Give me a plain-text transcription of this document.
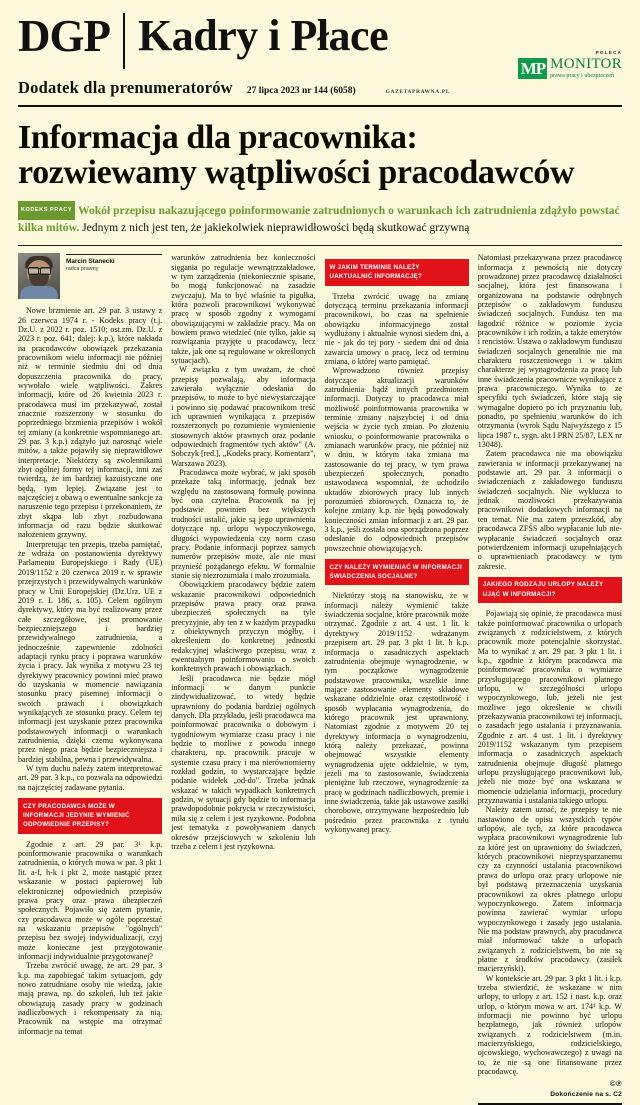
DGP Kadry i Płace
Dodatek dla prenumeratorów 27 lipca 2023 nr 144 (6058)	GAZETAPRAWNA.PL
POLECA
MP MONITOR
prawa pracy i ubezpieczeń
Informacja dla pracownika:
rozwiewamy wątpliwości pracodawców
KODEKS PRACY Wokół przepisu nakazującego poinformowanie zatrudnionych o warunkach ich zatrudnienia zdążyło powstać kilka mitów. Jednym z nich jest ten, że jakiekolwiek nieprawidłowości będą skutkować grzywną
Marcin Stanecki
radca prawny

Nowe brzmienie art. 29 par. 3 ustawy z 26 czerwca 1974 r. - Kodeks pracy (t.j. Dz.U. z 2022 r. poz. 1510; ost.zm. Dz.U. z 2023 r. poz. 641; dalej: k.p.), które nakłada na pracodawców obowiązek przekazania pracownikom wielu informacji nie później niż w terminie siedmiu dni od dnia dopuszczenia pracownika do pracy, wywołało wiele wątpliwości. Zakres informacji, które od 26 kwietnia 2023 r. pracodawca musi im przekazywać, został znacznie rozszerzony w stosunku do poprzedniego brzmienia przepisów i wokół tej zmiany (a konkretnie wspomnianego art. 29 par. 3 k.p.) zdążyło już narosnąć wiele mitów, a także pojawiły się nieprawidłowe interpretacje. Niektórzy są zwolennikami zbyt ogólnej formy tej informacji, inni zaś twierdzą, że im bardziej kazuistyczne one będą, tym lepiej. Związane jest to najczęściej z obawą o ewentualne sankcje za naruszenie tego przepisu i przekonaniem, że zbyt skąpa lub zbyt rozbudowana informacja od razu będzie skutkować nałożeniem grzywny.

Interpretując ten przepis, trzeba pamiętać, że wdraża on postanowienia dyrektywy Parlamentu Europejskiego i Rady (UE) 2019/1152 z 20 czerwca 2019 r. w sprawie przejrzystych i przewidywalnych warunków pracy w Unii Europejskiej (Dz.Urz. UE z 2019 r. L 186, s. 105). Celem ogólnym dyrektywy, który ma być realizowany przez całe szczegółowe, jest promowanie bezpieczniejszego i bardziej przewidywalnego zatrudnienia, a jednocześnie zapewnienie zdolności adaptacji rynku pracy i poprawa warunków życia i pracy. Jak wynika z motywu 23 tej dyrektywy pracownicy powinni mieć prawo do uzyskania w momencie nawiązania stosunku pracy pisemnej informacji o swoich prawach i obowiązkach wynikających ze stosunku pracy. Celem tej informacji jest uzyskanie przez pracownika podstawowych informacji o warunkach zatrudnienia, dzięki czemu wykonywana przez niego praca będzie bezpieczniejsza i bardziej stabilna, pewna i przewidywalna.

W tym duchu należy zatem interpretować art. 29 par. 3 k.p., co pozwala na odpowiedzi na najczęściej zadawane pytania.

CZY PRACODAWCA MOŻE W INFORMACJI JEDYNIE WYMIENIĆ ODPOWIEDNIE PRZEPISY?

Zgodnie z art. 29 par. 3¹ k.p. poinformowanie pracownika o warunkach zatrudnienia, o których mowa w par. 3 pkt 1 lit. a-f, h-k i pkt 2, może nastąpić przez wskazanie w postaci papierowej lub elektronicznej odpowiednich przepisów prawa pracy oraz prawa ubezpieczeń społecznych. Pojawiło się zatem pytanie, czy pracodawca może w ogóle poprzestać na wskazaniu przepisów "ogólnych" przepisu bez swojej indywidualizacji, czyj może konieczne jest przygotowanie informacji indywidualnie przygotowanej?

Trzeba zwrócić uwagę, że art. 29 par. 3 k.p. ma zapobiegać takim sytuacjom, gdy nowo zatrudniane osoby nie wiedzą, jakie mają prawa, np. do szkoleń, lub też jakie obowiązują zasady pracy w godzinach nadliczbowych i rekompensaty za nią. Pracownik na wstępie ma otrzymać informacje na temat

warunków zatrudnienia bez konieczności sięgania po regulacje wewnątrzzakładowe, w tym zarządzenia (niekoniecznie spisane, bo mogą funkcjonować na zasadzie zwyczaju). Ma to być właśnie ta pigułka, która pozwoli pracownikowi wykonywać pracę w sposób zgodny z wymogami obowiązującymi w zakładzie pracy. Ma on bowiem prawo wiedzieć (nie tylko, jakie są rozwiązania przyjęte u pracodawcy, lecz także, jak one są regulowane w określonych sytuacjach).

W związku z tym uważam, że choć przepisy pozwalają, aby informacja zawierała wyłącznie odesłania do przepisów, to może to być niewystarczające i powinno się podawać pracownikom treść ich uprawnień wynikająca z przepisów rozszerzonych po rozumienie wymienienie stosownych aktów prawnych oraz podanie odpowiednich fragmentów tych aktów" (A. Sobczyk [red.], „Kodeks pracy. Komentarz", Warszawa 2023).

Pracodawca może wybrać, w jaki sposób przekaże taką informację, jednak bez względu na zastosowaną formułę powinna być ona czytelna. Pracownik na jej podstawie powinien bez większych trudności ustalić, jakie są jego uprawnienia dotyczące np. urlopu wypoczynkowego, długości wypowiedzenia czy norm czasu pracy. Podanie informacji poprzez samych numerów przepisów może, ale nie musi przynieść pożądanego efektu. W formalnie stanie się niezrozumiała i mało zrozumiała.

Obowiązkiem pracodawcy będzie zatem wskazanie pracownikowi odpowiednich przepisów prawa pracy oraz prawa ubezpieczeń społecznych na tyle precyzyjnie, aby ten z w każdym przypadku z obiektywnych przyczyn mógłby, i określeniem do konkretnej jednostki redakcyjnej właściwego przepisu, wraz z ewentualnym poinformowaniu o swoich konkretnych prawach i obowiązkach.

Jeśli pracodawca nie będzie mógł informacji w danym punkcie zindywidualizować, to wtedy będzie uprawniony do podania bardziej ogólnych danych. Dla przykładu, jeśli pracodawca ma poinformować pracownika o dobowym i tygodniowym wymiarze czasu pracy i nie będzie to możliwe z powodu innego charakteru, np. pracownik pracuje w systemie czasu pracy i ma nierównomierny rozkład godzin, to wystarczające będzie podanie widełek „od-do". Trzeba jednak wskazać w takich wypadkach konkretnych godzin, w sytuacji gdy będzie to informacja prawdopodobnie pokrycia w rzeczywistości, miła się z celem i jest ryzykowne. Podobna jest tematyka z powoływaniem danych okresów przejściowych w szkoleniu lub trzeba z celem i jest ryzykowna.

W JAKIM TERMINIE NALEŻY UAKTUALNIĆ INFORMACJĘ?

Trzeba zwrócić uwagę na zmianę dotyczącą terminu przekazania informacji pracownikowi, bo czas na spełnienie obowiązku informacyjnego został wydłużony i aktualnie wynosi siedem dni, a nie - jak do tej pory - siedem dni od dnia zawarcia umowy o pracę, lecz od terminu zmiana, o której warto pamiętać.

Wprowadzono również przepisy dotyczące aktualizacji warunków zatrudnienia bądź innych przedmiotem informacji. Dotyczy to pracodawca miał możliwość poinformowania pracownika w terminie zmiany najszybciej i od dnia wejścia w życie tych zmian. Po złożeniu wniosku, o poinformowanie pracownika o zmianach warunków pracy, nie później niż w dniu, w którym taka zmiana ma zastosowanie do tej pracy, w tym prawa ubezpieczeń społecznych, ponadto ustawodawca wspomniał, że uchodziło uktadów zbiorowych pracy lub innych porozumień zbiorowych. Oznacza to, że kolejne zmiany k.p. nie będą powodowały konieczności zmian informacji z art. 29 par. 3 k.p., jeśli została ona sporządzona poprzez odesłanie do odpowiednich przepisów powszechnie obowiązujących.

CZY NALEŻY WYMIENIAĆ W INFORMACJI ŚWIADCZENIA SOCJALNE?

Niektórzy stoją na stanowisku, że w informacji należy wymienić także świadczenia socjalne, które pracownik może otrzymać. Zgodnie z art. 4 ust. 1 lit. k dyrektywy 2019/1152 wdrażanym przepisem art. 29 par. 3 pkt 1 lit. h k.p. informacja o zasadniczych aspektach zatrudnienia obejmuje wynagrodzenie, w tym początkowe wynagrodzenie podstawowe pracownika, wszelkie inne mające zastosowanie elementy składowe wskazane oddzielnie oraz częstotliwość i sposób wypłacania wynagrodzenia, do którego pracownik jest uprawniony. Natomiast zgodnie z motywem 20 tej dyrektywy informacja o wynagrodzeniu, którą należy przekazać, powinna obejmować wszystkie elementy wynagrodzenia ujęte oddzielnie, w tym, jeżeli ma to zastosowanie, świadczenia pieniężne lub rzeczowe, wynagrodzenie za pracę w godzinach nadliczbowych, premie i inne świadczenia, takie jak ustawowe zasiłki chorobowe, otrzymywane bezpośrednio lub pośrednio przez pracownika z tytułu wykonywanej pracy.

Natomiast przekazywana przez pracodawcę informacja z pewnością nie dotyczy prowadzonej przez pracodawcę działalności socjalnej, która jest finansowana i organizowana na podstawie odrębnych przepisów o zakładowym funduszu świadczeń socjalnych. Fundusz ten ma łagodzić różnice w poziomie życia pracowników i ich rodzin, a także emerytów i rencistów. Ustawa o zakładowym funduszu świadczeń socjalnych generalnie nie ma charakteru roszczeniowego i w takim charakterze jej wynagrodzenia za pracę lub inne świadczenia pracownicze wynikające z prawa pracowniczego. Wynika to ze specyfiki tych świadczeń, które stają się wymagalne dopiero po ich przyznaniu lub, ponadto, po spełnieniu warunków do ich otrzymania (wyrok Sądu Najwyższego z 15 lipca 1987 r., sygn. akt I PRN 25/87, LEX nr 13048).

Zatem pracodawca nie ma obowiązku zawierania w informacji przekazywanej na podstawie art. 29 par. 3 informacji o świadczeniach z zakładowego funduszu świadczeń socjalnych. Nie wyklucza to jednak możliwości przekazywania pracownikowi dodatkowych informacji na ten temat. Nie ma zatem przeszkód, aby pracodawca ZFŚS albo wypłacanie lub nie-wypłacanie świadczeń socjalnych oraz potwierdzeniem informacji uzupełniających o uprawnieniach pracodawcy w tym zakresie.

JAKIEGO RODZAJU URLOPY NALEŻY UJĄĆ W INFORMACJI?

Pojawiają się opinie, że pracodawca musi także poinformować pracownika o urlopach związanych z rodzicielstwem, z których pracownik może potencjalnie skorzystać. Ma to wynikać z art. 29 par. 3 pkt 1 lit. i k.p., zgodnie z którym pracodawca ma poinformować pracownika o wymiarze przysługującego pracownikowi płatnego urlopu, w szczególności urlopu wypoczynkowego, lub, jeżeli nie jest możliwe jego określenie w chwili przekazywania pracownikowi tej informacji, o zasadach jego ustalania i przyznawania. Zgodnie z art. 4 ust. 1 lit. i dyrektywy 2019/1152 wskazanym tym przepisem informacja o zasadniczych aspektach zatrudnienia obejmuje długość płatnego urlopu przysługującego pracownikowi lub, jeżeli nie może być ona wskazana w momencie udzielania informacji, procedury przyznawania i ustalania takiego urlopu.

Należy zatem uznać, że przepisy te nie nastawiono de opisu wszystkich typów urlopów, ale tych, za które pracodawca wypłaca pracownikowi wynagrodzenie lub za które jest on uprawniony do świadczeń, których pracownikowi nieprzysparzanemu czy za czynności ustalania pracownikowi prawa do urlopu oraz pracy urlopowe nie był podstawą przeznaczenia uzyskania pracownikowi za okres płatnego urlopu wypoczynkowego. Zatem informacja powinna zawierać wymiar urlopu wypoczynkowego i zasady jego ustalania. Nie ma podstaw prawnych, aby pracodawca miał informować także o urlopach związanych z rodzicielstwem, bo nie są płatne z środków pracodawcy (zasiłek macierzyński).

W kontekście art. 29 par. 3 pkt 1 lit. i k.p. trzeba stwierdzić, że wskazane w nim urlopy, to urlopy z art. 152 i nast. k.p. oraz urlop, o którym mowa w art. 174¹ k.p. W informacji nie powinno być urlopu bezpłatnego, jak również urlopów związanych z rodzicielstwem (m.in. macierzyńskiego, rodzicielskiego, ojcowskiego, wychowawczego) z uwagi na to, że nie są one finansowane przez pracodawcę.

©℗
Dokończenie na s. C2
